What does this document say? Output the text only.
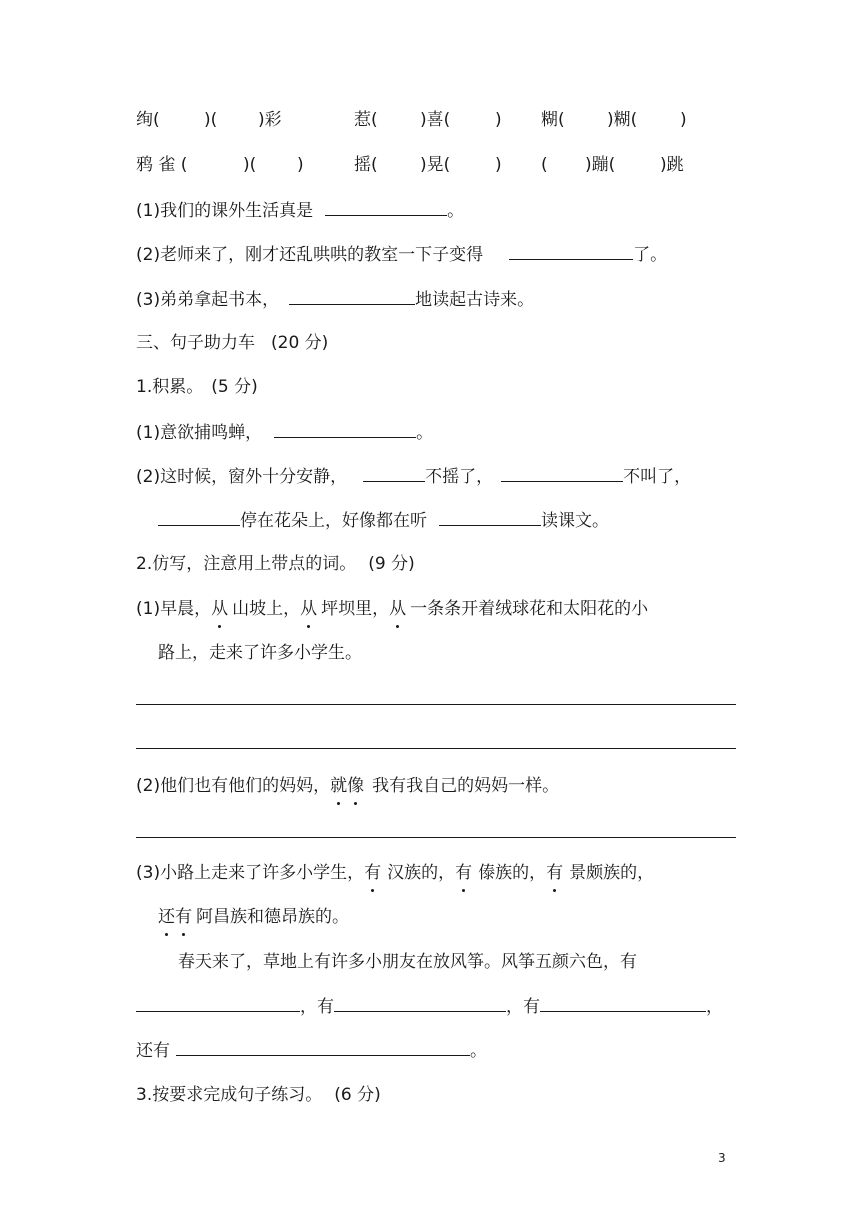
绚(	)( )彩	惹( )喜(	) 糊( )糊(	)
鸦 雀 (	)( )	摇( )晃(	) ( )蹦(	)跳
(1)我们的课外生活真是	。
(2)老师来了，刚才还乱哄哄的教室一下子变得	了。
(3)弟弟拿起书本，	地读起古诗来。
三、句子助力车 (20 分)
1.积累。 (5 分)
(1)意欲捕鸣蝉，	。
(2)这时候，窗外十分安静，	不摇了，	不叫了，
停在花朵上，好像都在听	读课文。
2.仿写，注意用上带点的词。 (9 分)
(1)早晨，从 山坡上，从 坪坝里，从 一条条开着绒球花和太阳花的小
路上，走来了许多小学生。
(2)他们也有他们的妈妈，就像 我有我自己的妈妈一样。
(3)小路上走来了许多小学生，有 汉族的，有 傣族的，有 景颇族的，
还有 阿昌族和德昂族的。
春天来了，草地上有许多小朋友在放风筝。风筝五颜六色，有
，有	，有	，
还有	。
3.按要求完成句子练习。 (6 分)
3
